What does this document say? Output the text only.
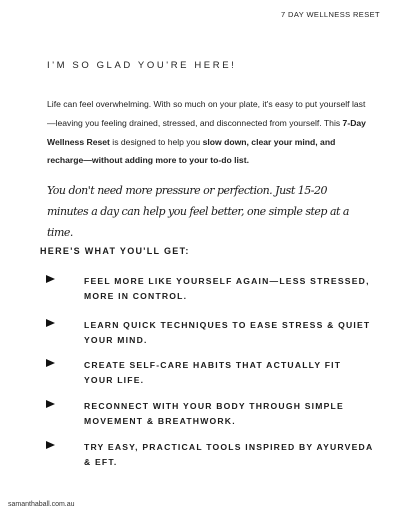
7 DAY WELLNESS RESET
I'M SO GLAD YOU'RE HERE!
Life can feel overwhelming. With so much on your plate, it's easy to put yourself last—leaving you feeling drained, stressed, and disconnected from yourself. This 7-Day Wellness Reset is designed to help you slow down, clear your mind, and recharge—without adding more to your to-do list.
You don't need more pressure or perfection. Just 15-20 minutes a day can help you feel better, one simple step at a time.
HERE'S WHAT YOU'LL GET:
FEEL MORE LIKE YOURSELF AGAIN—LESS STRESSED, MORE IN CONTROL.
LEARN QUICK TECHNIQUES TO EASE STRESS & QUIET YOUR MIND.
CREATE SELF-CARE HABITS THAT ACTUALLY FIT YOUR LIFE.
RECONNECT WITH YOUR BODY THROUGH SIMPLE MOVEMENT & BREATHWORK.
TRY EASY, PRACTICAL TOOLS INSPIRED BY AYURVEDA & EFT.
samanthaball.com.au
